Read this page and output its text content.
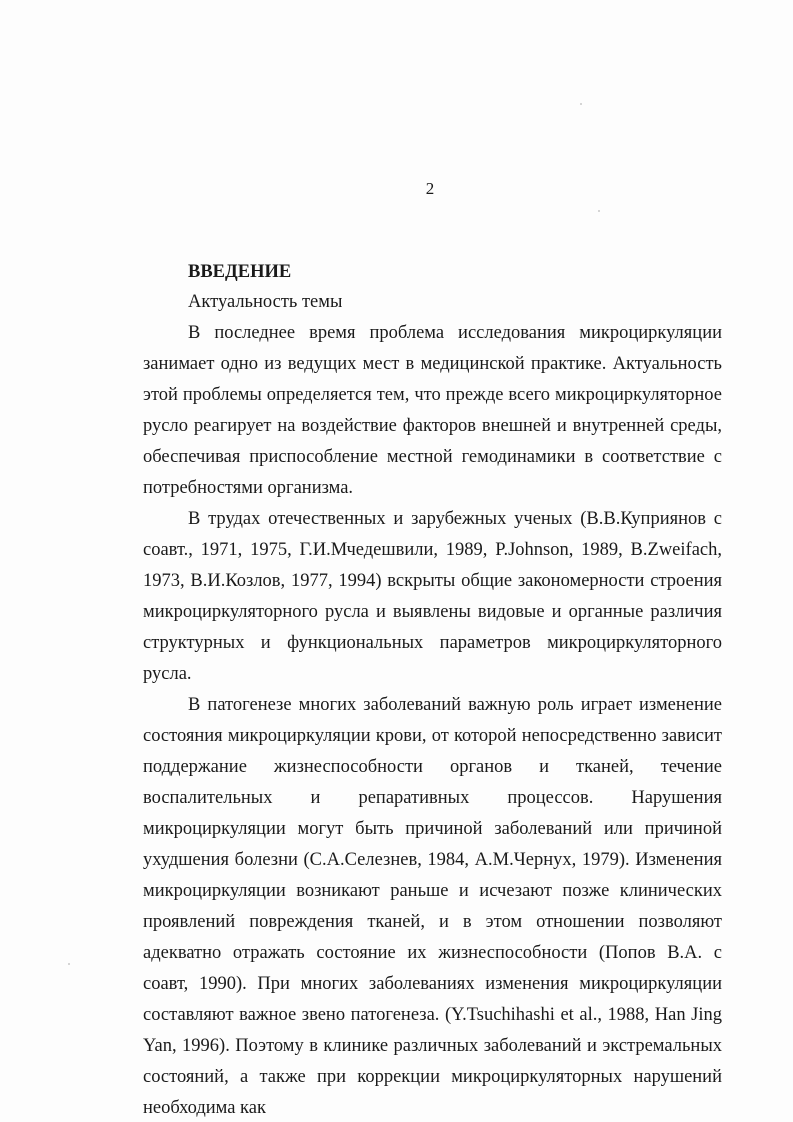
2
ВВЕДЕНИЕ
Актуальность темы

В последнее время проблема исследования микроциркуляции занимает одно из ведущих мест в медицинской практике. Актуальность этой проблемы определяется тем, что прежде всего микроциркуляторное русло реагирует на воздействие факторов внешней и внутренней среды, обеспечивая приспособление местной гемодинамики в соответствие с потребностями организма.

В трудах отечественных и зарубежных ученых (В.В.Куприянов с соавт., 1971, 1975, Г.И.Мчедешвили, 1989, P.Johnson, 1989, B.Zweifach, 1973, В.И.Козлов, 1977, 1994) вскрыты общие закономерности строения микроциркуляторного русла и выявлены видовые и органные различия структурных и функциональных параметров микроциркуляторного русла.

В патогенезе многих заболеваний важную роль играет изменение состояния микроциркуляции крови, от которой непосредственно зависит поддержание жизнеспособности органов и тканей, течение воспалительных и репаративных процессов. Нарушения микроциркуляции могут быть причиной заболеваний или причиной ухудшения болезни (С.А.Селезнев, 1984, А.М.Чернух, 1979). Изменения микроциркуляции возникают раньше и исчезают позже клинических проявлений повреждения тканей, и в этом отношении позволяют адекватно отражать состояние их жизнеспособности (Попов В.А. с соавт, 1990). При многих заболеваниях изменения микроциркуляции составляют важное звено патогенеза. (Y.Tsuchihashi et al., 1988, Han Jing Yan, 1996). Поэтому в клинике различных заболеваний и экстремальных состояний, а также при коррекции микроциркуляторных нарушений необходима как
